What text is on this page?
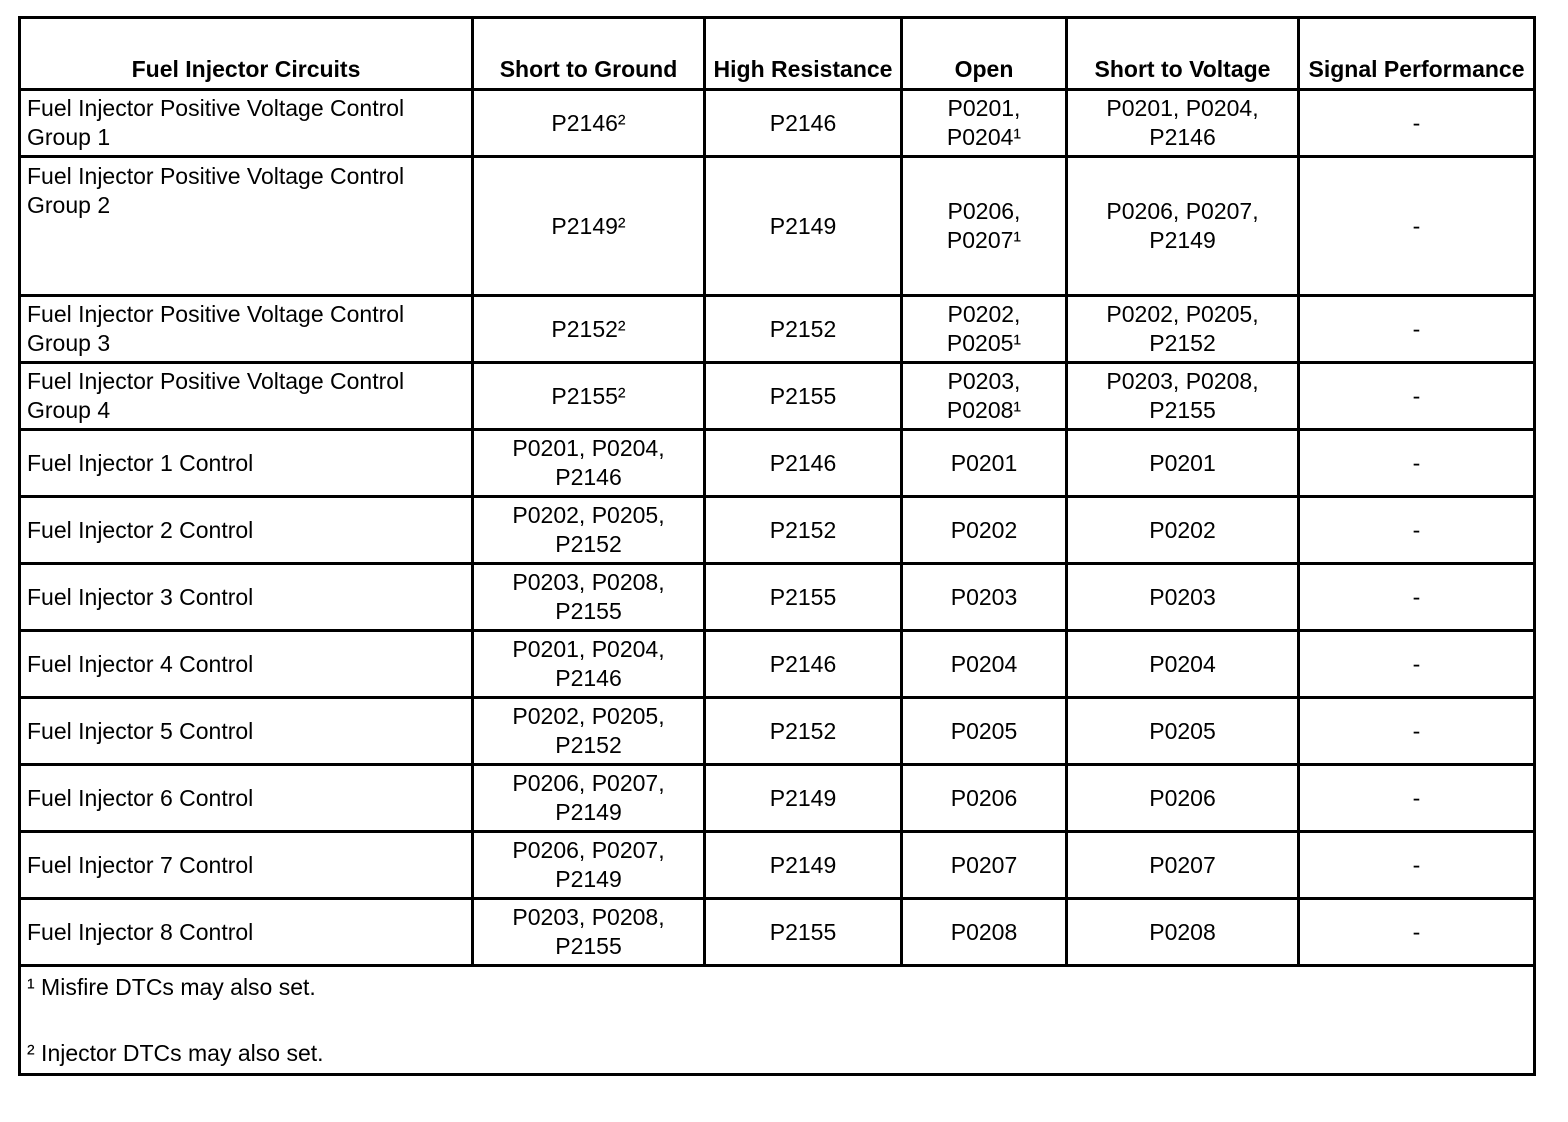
Fuel Injector Circuits	Short to Ground	High Resistance	Open	Short to Voltage	Signal Performance
Fuel Injector Positive Voltage Control Group 1	P2146²	P2146	P0201, P0204¹	P0201, P0204, P2146	-
Fuel Injector Positive Voltage Control Group 2	P2149²	P2149	P0206, P0207¹	P0206, P0207, P2149	-
Fuel Injector Positive Voltage Control Group 3	P2152²	P2152	P0202, P0205¹	P0202, P0205, P2152	-
Fuel Injector Positive Voltage Control Group 4	P2155²	P2155	P0203, P0208¹	P0203, P0208, P2155	-
Fuel Injector 1 Control	P0201, P0204, P2146	P2146	P0201	P0201	-
Fuel Injector 2 Control	P0202, P0205, P2152	P2152	P0202	P0202	-
Fuel Injector 3 Control	P0203, P0208, P2155	P2155	P0203	P0203	-
Fuel Injector 4 Control	P0201, P0204, P2146	P2146	P0204	P0204	-
Fuel Injector 5 Control	P0202, P0205, P2152	P2152	P0205	P0205	-
Fuel Injector 6 Control	P0206, P0207, P2149	P2149	P0206	P0206	-
Fuel Injector 7 Control	P0206, P0207, P2149	P2149	P0207	P0207	-
Fuel Injector 8 Control	P0203, P0208, P2155	P2155	P0208	P0208	-

¹ Misfire DTCs may also set.
² Injector DTCs may also set.					
